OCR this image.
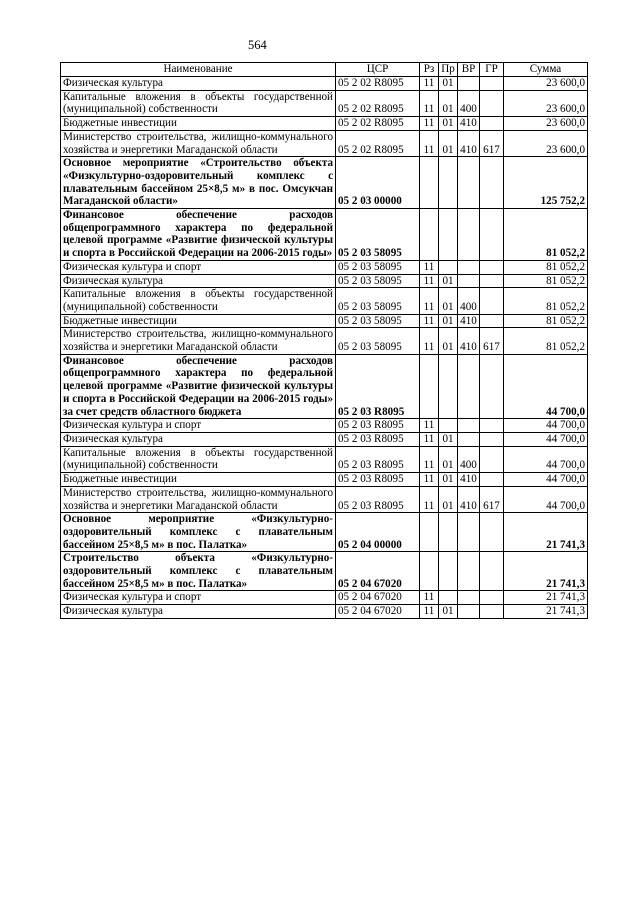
564
Наименование	ЦСР	Рз	Пр	ВР	ГР	Сумма
Физическая культура	05 2 02 R8095	11	01			23 600,0
Капитальные вложения в объекты государственной (муниципальной) собственности	05 2 02 R8095	11	01	400		23 600,0
Бюджетные инвестиции	05 2 02 R8095	11	01	410		23 600,0
Министерство строительства, жилищно-коммунального хозяйства и энергетики Магаданской области	05 2 02 R8095	11	01	410	617	23 600,0
Основное мероприятие «Строительство объекта «Физкультурно-оздоровительный комплекс с плавательным бассейном 25×8,5 м» в пос. Омсукчан Магаданской области»	05 2 03 00000					125 752,2
Финансовое обеспечение расходов общепрограммного характера по федеральной целевой программе «Развитие физической культуры и спорта в Российской Федерации на 2006-2015 годы»	05 2 03 58095					81 052,2
Физическая культура и спорт	05 2 03 58095	11				81 052,2
Физическая культура	05 2 03 58095	11	01			81 052,2
Капитальные вложения в объекты государственной (муниципальной) собственности	05 2 03 58095	11	01	400		81 052,2
Бюджетные инвестиции	05 2 03 58095	11	01	410		81 052,2
Министерство строительства, жилищно-коммунального хозяйства и энергетики Магаданской области	05 2 03 58095	11	01	410	617	81 052,2
Финансовое обеспечение расходов общепрограммного характера по федеральной целевой программе «Развитие физической культуры и спорта в Российской Федерации на 2006-2015 годы» за счет средств областного бюджета	05 2 03 R8095					44 700,0
Физическая культура и спорт	05 2 03 R8095	11				44 700,0
Физическая культура	05 2 03 R8095	11	01			44 700,0
Капитальные вложения в объекты государственной (муниципальной) собственности	05 2 03 R8095	11	01	400		44 700,0
Бюджетные инвестиции	05 2 03 R8095	11	01	410		44 700,0
Министерство строительства, жилищно-коммунального хозяйства и энергетики Магаданской области	05 2 03 R8095	11	01	410	617	44 700,0
Основное мероприятие «Физкультурно-оздоровительный комплекс с плавательным бассейном 25×8,5 м» в пос. Палатка»	05 2 04 00000					21 741,3
Строительство объекта «Физкультурно-оздоровительный комплекс с плавательным бассейном 25×8,5 м» в пос. Палатка»	05 2 04 67020					21 741,3
Физическая культура и спорт	05 2 04 67020	11				21 741,3
Физическая культура	05 2 04 67020	11	01			21 741,3
